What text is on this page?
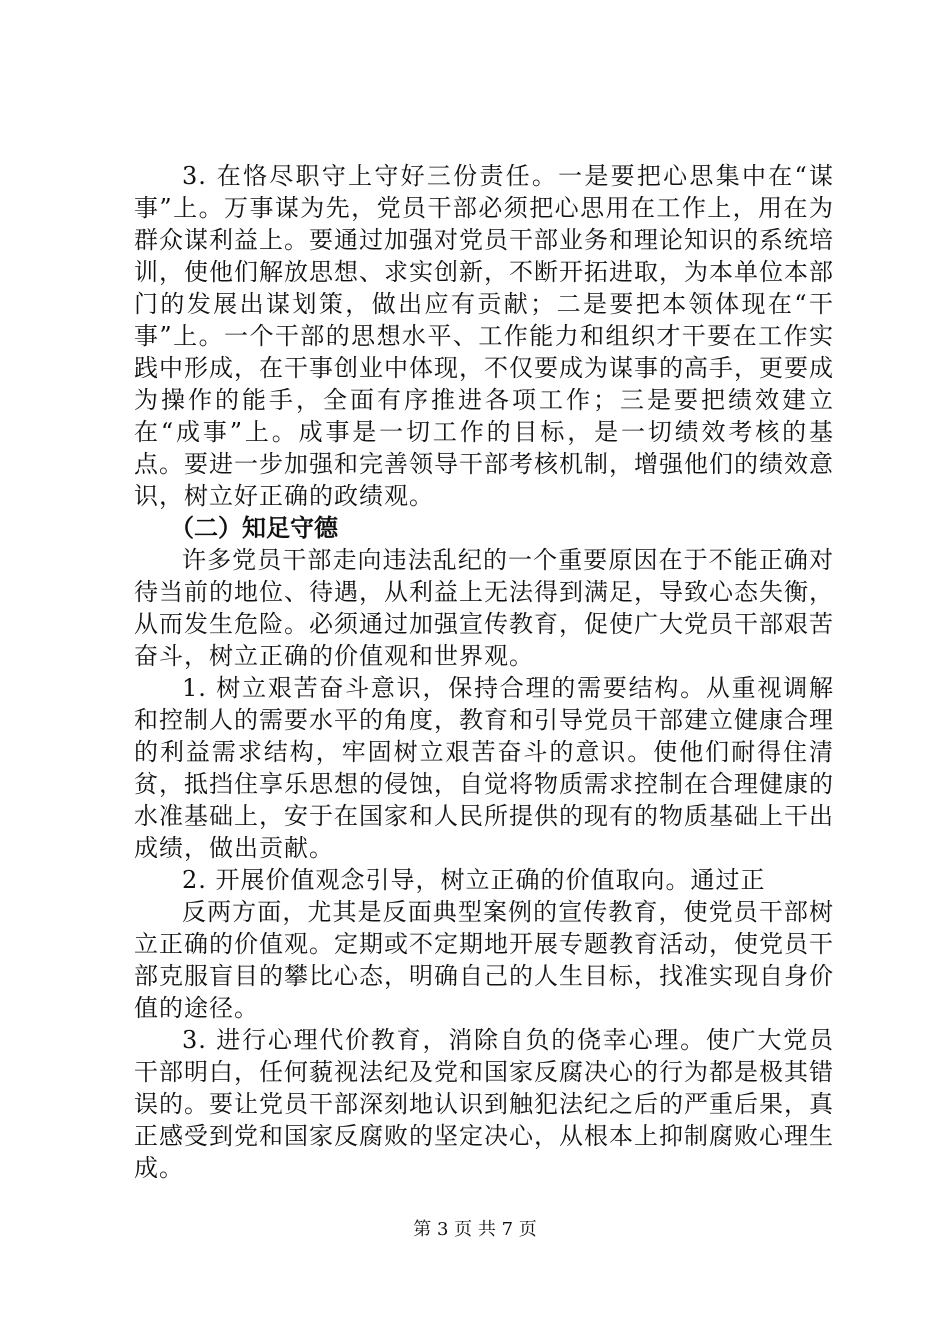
3. 在恪尽职守上守好三份责任。一是要把心思集中在“谋事”上。万事谋为先，党员干部必须把心思用在工作上，用在为群众谋利益上。要通过加强对党员干部业务和理论知识的系统培训，使他们解放思想、求实创新，不断开拓进取，为本单位本部门的发展出谋划策，做出应有贡献；二是要把本领体现在“干事”上。一个干部的思想水平、工作能力和组织才干要在工作实践中形成，在干事创业中体现，不仅要成为谋事的高手，更要成为操作的能手，全面有序推进各项工作；三是要把绩效建立在“成事”上。成事是一切工作的目标，是一切绩效考核的基点。要进一步加强和完善领导干部考核机制，增强他们的绩效意识，树立好正确的政绩观。

（二）知足守德

许多党员干部走向违法乱纪的一个重要原因在于不能正确对待当前的地位、待遇，从利益上无法得到满足，导致心态失衡，从而发生危险。必须通过加强宣传教育，促使广大党员干部艰苦奋斗，树立正确的价值观和世界观。

1. 树立艰苦奋斗意识，保持合理的需要结构。从重视调解和控制人的需要水平的角度，教育和引导党员干部建立健康合理的利益需求结构，牢固树立艰苦奋斗的意识。使他们耐得住清贫，抵挡住享乐思想的侵蚀，自觉将物质需求控制在合理健康的水准基础上，安于在国家和人民所提供的现有的物质基础上干出成绩，做出贡献。

2. 开展价值观念引导，树立正确的价值取向。通过正

反两方面，尤其是反面典型案例的宣传教育，使党员干部树立正确的价值观。定期或不定期地开展专题教育活动，使党员干部克服盲目的攀比心态，明确自己的人生目标，找准实现自身价值的途径。

3. 进行心理代价教育，消除自负的侥幸心理。使广大党员干部明白，任何藐视法纪及党和国家反腐决心的行为都是极其错误的。要让党员干部深刻地认识到触犯法纪之后的严重后果，真正感受到党和国家反腐败的坚定决心，从根本上抑制腐败心理生成。

第 3 页 共 7 页
